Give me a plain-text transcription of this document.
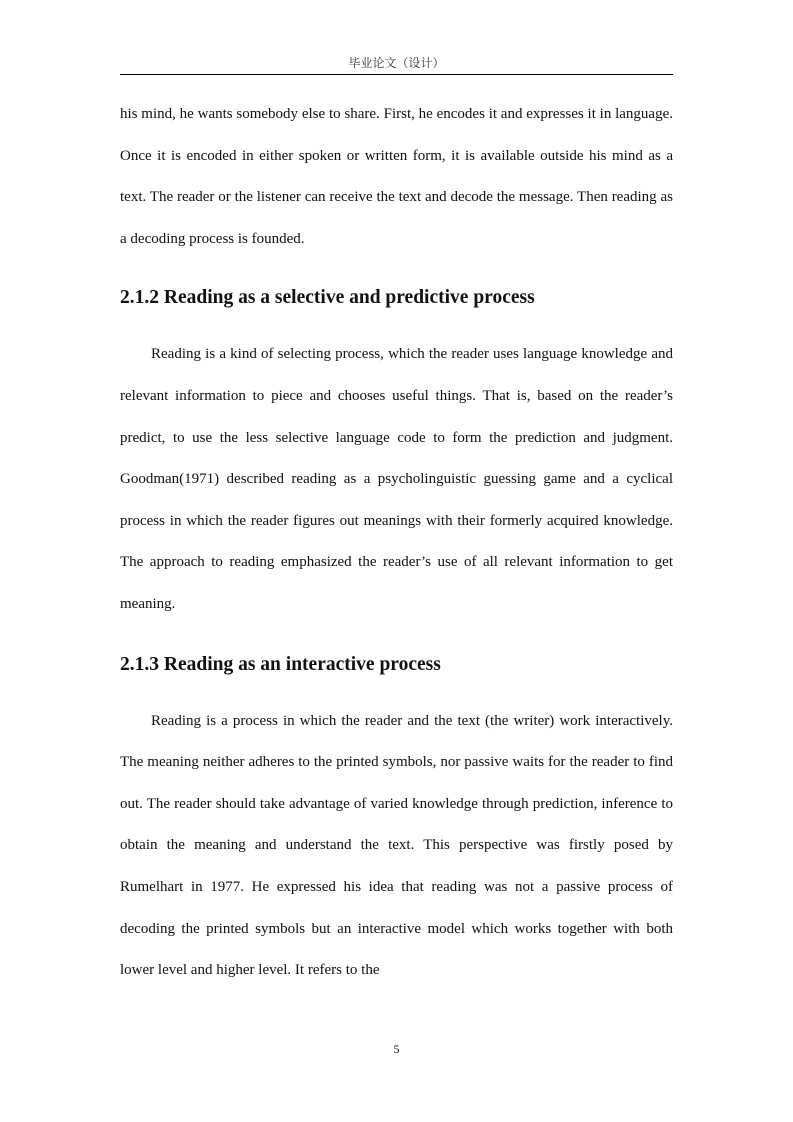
毕业论文（设计）

his mind, he wants somebody else to share. First, he encodes it and expresses it in language. Once it is encoded in either spoken or written form, it is available outside his mind as a text. The reader or the listener can receive the text and decode the message. Then reading as a decoding process is founded.

2.1.2 Reading as a selective and predictive process

Reading is a kind of selecting process, which the reader uses language knowledge and relevant information to piece and chooses useful things. That is, based on the reader’s predict, to use the less selective language code to form the prediction and judgment. Goodman(1971) described reading as a psycholinguistic guessing game and a cyclical process in which the reader figures out meanings with their formerly acquired knowledge. The approach to reading emphasized the reader’s use of all relevant information to get meaning.

2.1.3 Reading as an interactive process

Reading is a process in which the reader and the text (the writer) work interactively. The meaning neither adheres to the printed symbols, nor passive waits for the reader to find out. The reader should take advantage of varied knowledge through prediction, inference to obtain the meaning and understand the text. This perspective was firstly posed by Rumelhart in 1977. He expressed his idea that reading was not a passive process of decoding the printed symbols but an interactive model which works together with both lower level and higher level. It refers to the

5
